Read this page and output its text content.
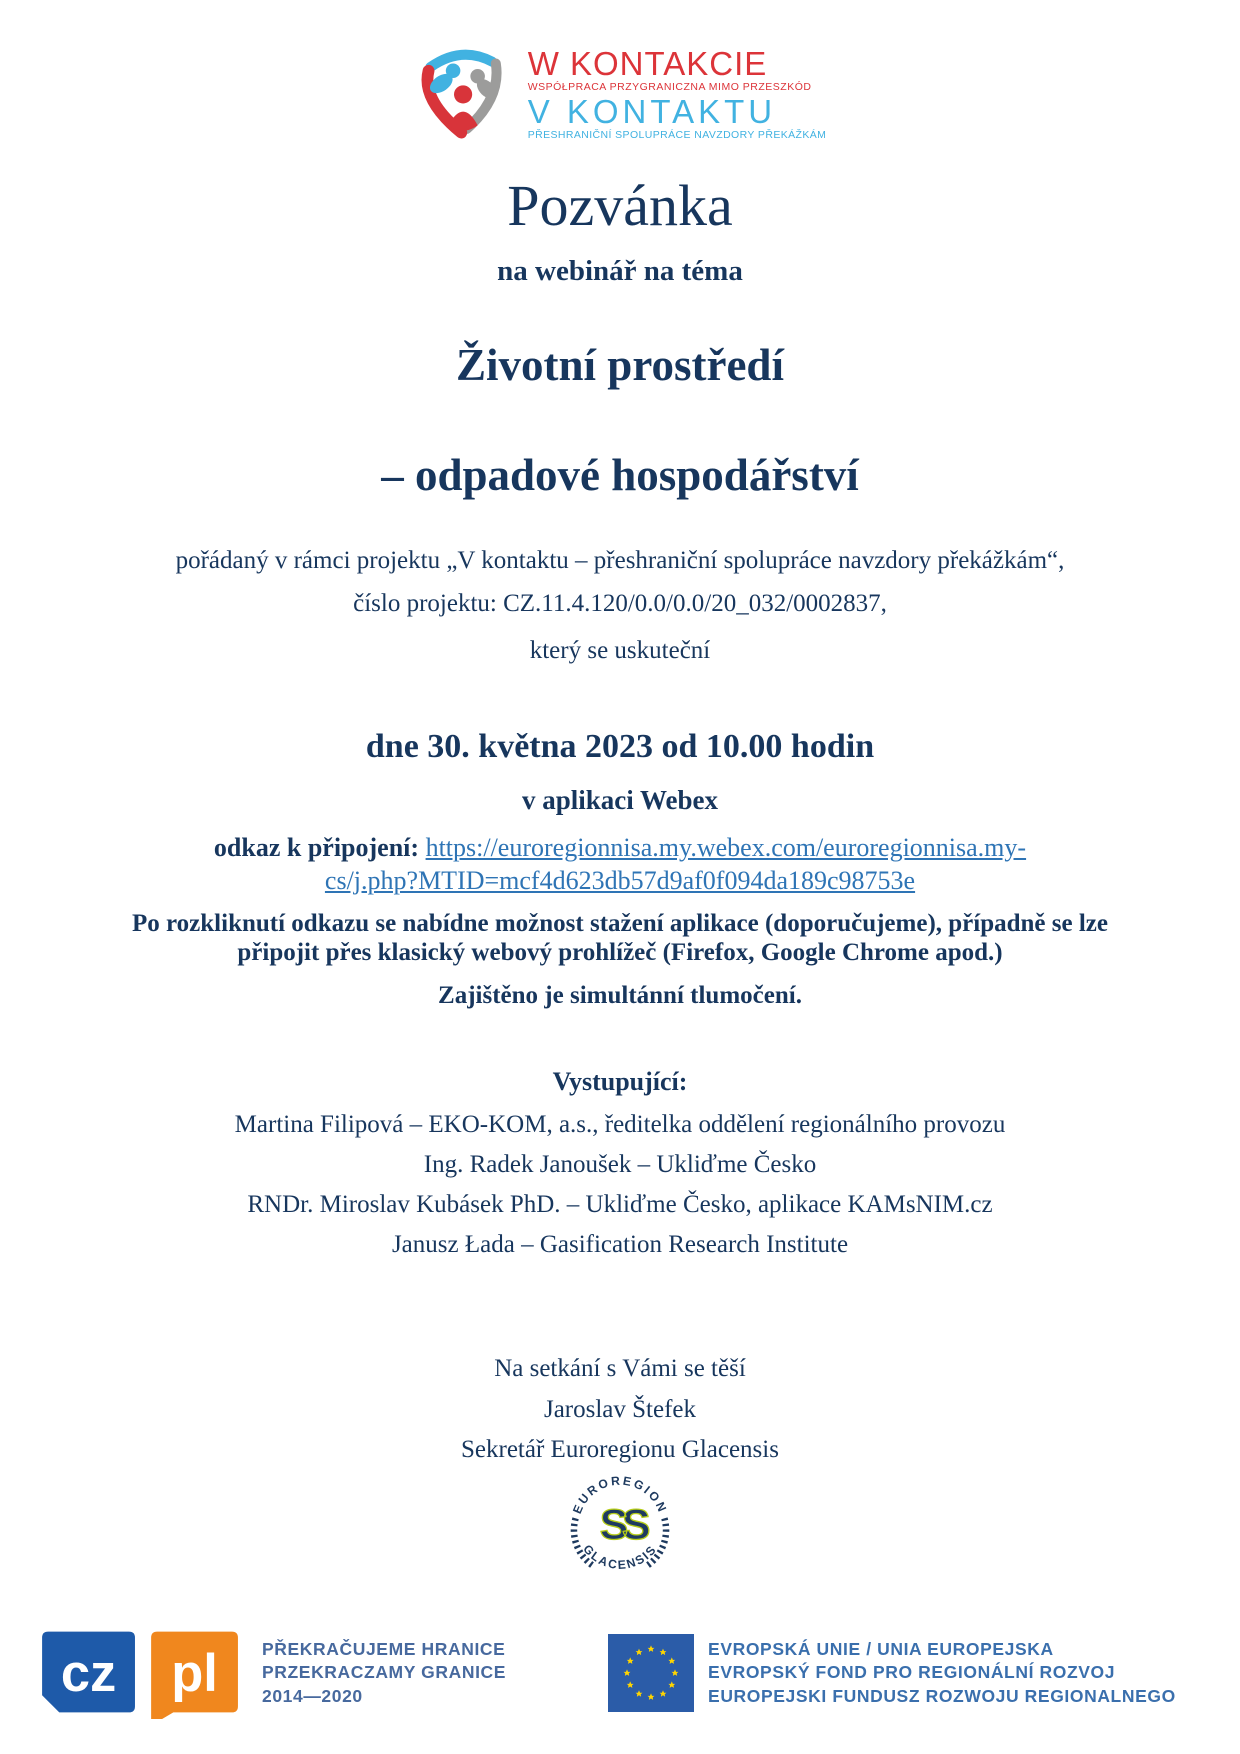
W KONTAKCIE
WSPÓŁPRACA PRZYGRANICZNA MIMO PRZESZKÓD
V KONTAKTU
PŘESHRANIČNÍ SPOLUPRÁCE NAVZDORY PŘEKÁŽKÁM
Pozvánka
na webinář na téma
Životní prostředí
– odpadové hospodářství
pořádaný v rámci projektu „V kontaktu – přeshraniční spolupráce navzdory překážkám“,
číslo projektu: CZ.11.4.120/0.0/0.0/20_032/0002837,
který se uskuteční
dne 30. května 2023 od 10.00 hodin
v aplikaci Webex
odkaz k připojení: https://euroregionnisa.my.webex.com/euroregionnisa.my-
cs/j.php?MTID=mcf4d623db57d9af0f094da189c98753e
Po rozkliknutí odkazu se nabídne možnost stažení aplikace (doporučujeme), případně se lze připojit přes klasický webový prohlížeč (Firefox, Google Chrome apod.)
Zajištěno je simultánní tlumočení.
Vystupující:
Martina Filipová – EKO-KOM, a.s., ředitelka oddělení regionálního provozu
Ing. Radek Janoušek – Ukliďme Česko
RNDr. Miroslav Kubásek PhD. – Ukliďme Česko, aplikace KAMsNIM.cz
Janusz Łada – Gasification Research Institute
Na setkání s Vámi se těší
Jaroslav Štefek
Sekretář Euroregionu Glacensis
EUROREGION
GLACENSIS
SS
cz pl	PŘEKRAČUJEME HRANICE
PRZEKRACZAMY GRANICE
2014—2020
EVROPSKÁ UNIE / UNIA EUROPEJSKA
EVROPSKÝ FOND PRO REGIONÁLNÍ ROZVOJ
EUROPEJSKI FUNDUSZ ROZWOJU REGIONALNEGO
